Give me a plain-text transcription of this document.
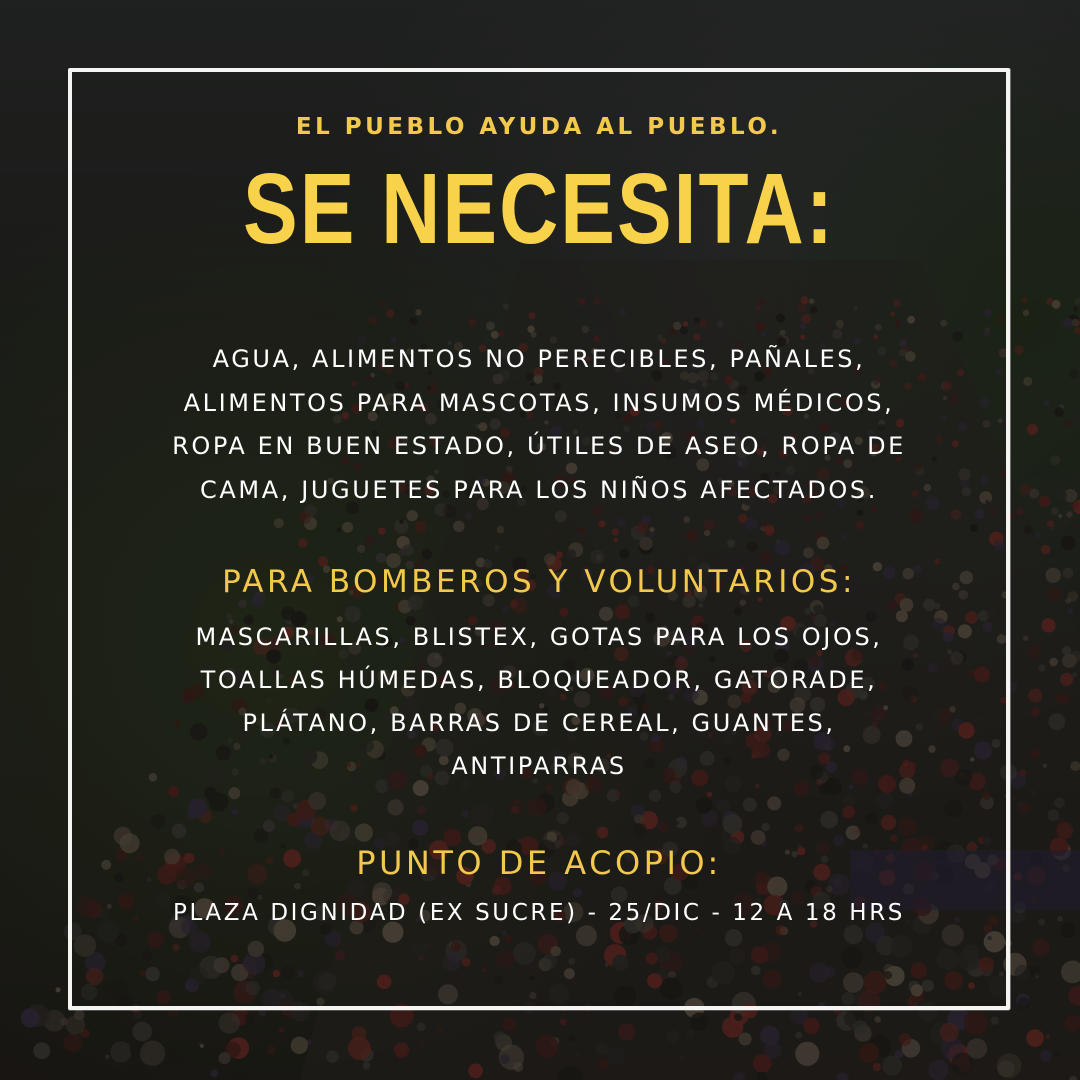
EL PUEBLO AYUDA AL PUEBLO.
SE NECESITA:
AGUA, ALIMENTOS NO PERECIBLES, PAÑALES,
ALIMENTOS PARA MASCOTAS, INSUMOS MÉDICOS,
ROPA EN BUEN ESTADO, ÚTILES DE ASEO, ROPA DE
CAMA, JUGUETES PARA LOS NIÑOS AFECTADOS.
PARA BOMBEROS Y VOLUNTARIOS:
MASCARILLAS, BLISTEX, GOTAS PARA LOS OJOS,
TOALLAS HÚMEDAS, BLOQUEADOR, GATORADE,
PLÁTANO, BARRAS DE CEREAL, GUANTES,
ANTIPARRAS
PUNTO DE ACOPIO:
PLAZA DIGNIDAD (EX SUCRE) - 25/DIC - 12 A 18 HRS
